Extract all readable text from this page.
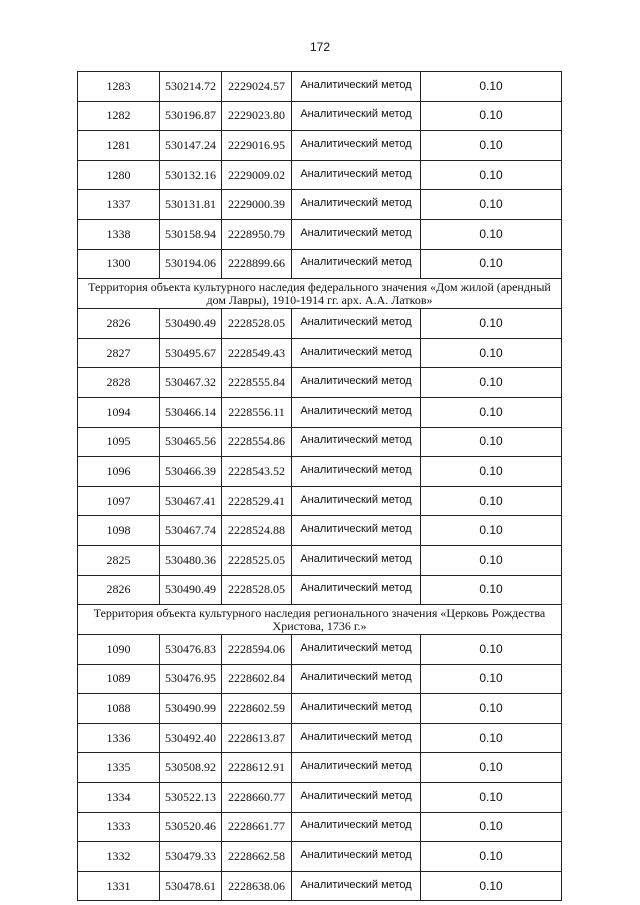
172
1283	530214.72	2229024.57	Аналитический метод	0.10
1282	530196.87	2229023.80	Аналитический метод	0.10
1281	530147.24	2229016.95	Аналитический метод	0.10
1280	530132.16	2229009.02	Аналитический метод	0.10
1337	530131.81	2229000.39	Аналитический метод	0.10
1338	530158.94	2228950.79	Аналитический метод	0.10
1300	530194.06	2228899.66	Аналитический метод	0.10
Территория объекта культурного наследия федерального значения «Дом жилой (арендный дом Лавры), 1910-1914 гг. арх. А.А. Латков»				
2826	530490.49	2228528.05	Аналитический метод	0.10
2827	530495.67	2228549.43	Аналитический метод	0.10
2828	530467.32	2228555.84	Аналитический метод	0.10
1094	530466.14	2228556.11	Аналитический метод	0.10
1095	530465.56	2228554.86	Аналитический метод	0.10
1096	530466.39	2228543.52	Аналитический метод	0.10
1097	530467.41	2228529.41	Аналитический метод	0.10
1098	530467.74	2228524.88	Аналитический метод	0.10
2825	530480.36	2228525.05	Аналитический метод	0.10
2826	530490.49	2228528.05	Аналитический метод	0.10
Территория объекта культурного наследия регионального значения «Церковь Рождества Христова, 1736 г.»				
1090	530476.83	2228594.06	Аналитический метод	0.10
1089	530476.95	2228602.84	Аналитический метод	0.10
1088	530490.99	2228602.59	Аналитический метод	0.10
1336	530492.40	2228613.87	Аналитический метод	0.10
1335	530508.92	2228612.91	Аналитический метод	0.10
1334	530522.13	2228660.77	Аналитический метод	0.10
1333	530520.46	2228661.77	Аналитический метод	0.10
1332	530479.33	2228662.58	Аналитический метод	0.10
1331	530478.61	2228638.06	Аналитический метод	0.10
